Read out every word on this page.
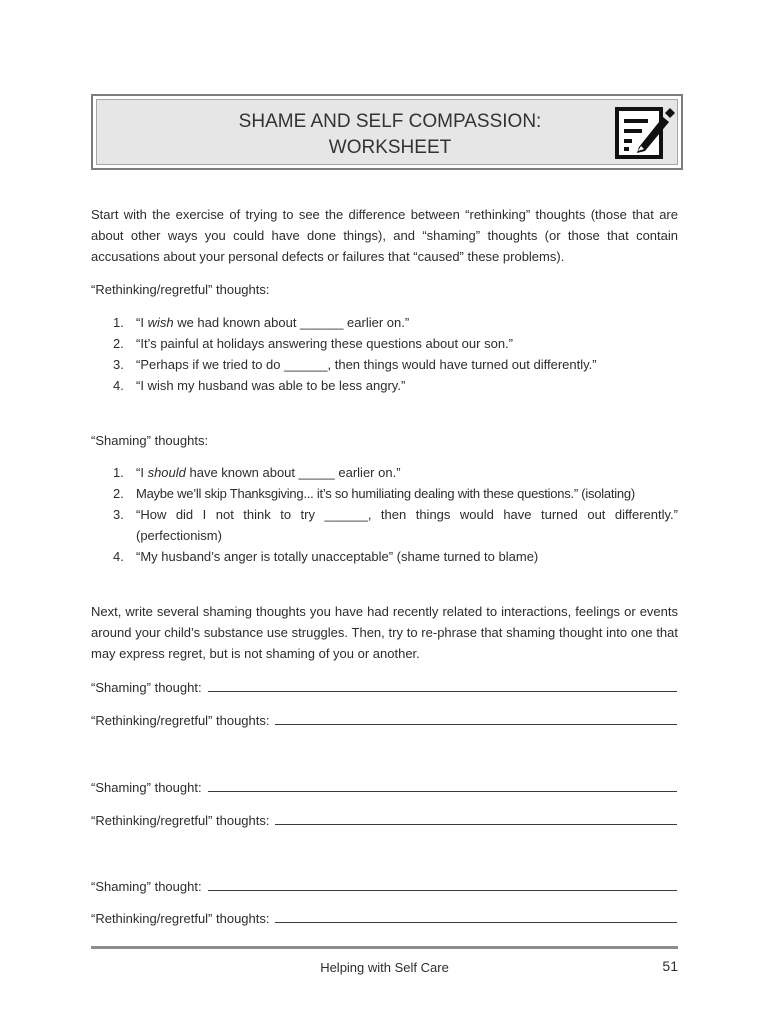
SHAME AND SELF COMPASSION:
WORKSHEET
Start with the exercise of trying to see the difference between “rethinking” thoughts (those that are about other ways you could have done things), and “shaming” thoughts (or those that contain accusations about your personal defects or failures that “caused” these problems).
“Rethinking/regretful” thoughts:
1. “I wish we had known about ______ earlier on.”
2. “It’s painful at holidays answering these questions about our son.”
3. “Perhaps if we tried to do ______, then things would have turned out differently.”
4. “I wish my husband was able to be less angry.”
“Shaming” thoughts:
1. “I should have known about _____ earlier on.”
2. Maybe we’ll skip Thanksgiving... it’s so humiliating dealing with these questions.” (isolating)
3. “How did I not think to try ______, then things would have turned out differently.” (perfectionism)
4. “My husband’s anger is totally unacceptable” (shame turned to blame)
Next, write several shaming thoughts you have had recently related to interactions, feelings or events around your child’s substance use struggles. Then, try to re-phrase that shaming thought into one that may express regret, but is not shaming of you or another.
“Shaming” thought:
“Rethinking/regretful” thoughts:
“Shaming” thought:
“Rethinking/regretful” thoughts:
“Shaming” thought:
“Rethinking/regretful” thoughts:
Helping with Self Care	51
